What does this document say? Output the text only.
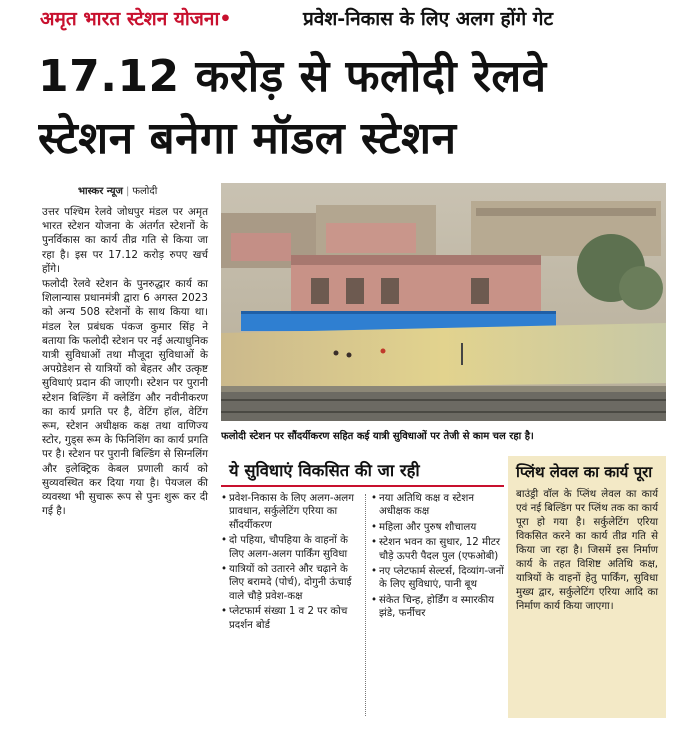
अमृत भारत स्टेशन योजना•	प्रवेश-निकास के लिए अलग होंगे गेट
17.12 करोड़ से फलोदी रेलवे
स्टेशन बनेगा मॉडल स्टेशन
भास्कर न्यूज | फलोदी

उत्तर पश्चिम रेलवे जोधपुर मंडल पर अमृत भारत स्टेशन योजना के अंतर्गत स्टेशनों के पुनर्विकास का कार्य तीव्र गति से किया जा रहा है। इस पर 17.12 करोड़ रुपए खर्च होंगे।

फलोदी रेलवे स्टेशन के पुनरुद्धार कार्य का शिलान्यास प्रधानमंत्री द्वारा 6 अगस्त 2023 को अन्य 508 स्टेशनों के साथ किया था। मंडल रेल प्रबंधक पंकज कुमार सिंह ने बताया कि फलोदी स्टेशन पर नई अत्याधुनिक यात्री सुविधाओं तथा मौजूदा सुविधाओं के अपग्रेडेशन से यात्रियों को बेहतर और उत्कृष्ट सुविधाएं प्रदान की जाएगी। स्टेशन पर पुरानी स्टेशन बिल्डिंग में क्लेडिंग और नवीनीकरण का कार्य प्रगति पर है, वेटिंग हॉल, वेटिंग रूम, स्टेशन अधीक्षक कक्ष तथा वाणिज्य स्टोर, गुड्स रूम के फिनिशिंग का कार्य प्रगति पर है। स्टेशन पर पुरानी बिल्डिंग से सिग्नलिंग और इलेक्ट्रिक केबल प्रणाली कार्य को सुव्यवस्थित कर दिया गया है। पेयजल की व्यवस्था भी सुचारू रूप से पुनः शुरू कर दी गई है।

फलोदी स्टेशन पर सौंदर्यीकरण सहित कई यात्री सुविधाओं पर तेजी से काम चल रहा है।
ये सुविधाएं विकसित की जा रही
• प्रवेश-निकास के लिए अलग-अलग प्रावधान, सर्कुलेटिंग एरिया का सौंदर्यीकरण
• दो पहिया, चौपहिया के वाहनों के लिए अलग-अलग पार्किंग सुविधा
• यात्रियों को उतारने और चढ़ाने के लिए बरामदे (पोर्च), दोगुनी ऊंचाई वाले चौड़े प्रवेश-कक्ष
• प्लेटफार्म संख्या 1 व 2 पर कोच प्रदर्शन बोर्ड
• नया अतिथि कक्ष व स्टेशन अधीक्षक कक्ष
• महिला और पुरुष शौचालय
• स्टेशन भवन का सुधार, 12 मीटर चौड़े ऊपरी पैदल पुल (एफओबी)
• नए प्लेटफार्म सेल्टर्स, दिव्यांग-जनों के लिए सुविधाएं, पानी बूथ
• संकेत चिन्ह, होर्डिंग व स्मारकीय झंडे, फर्नीचर
प्लिंथ लेवल का कार्य पूरा
बाउंड्री वॉल के प्लिंथ लेवल का कार्य एवं नई बिल्डिंग पर प्लिंथ तक का कार्य पूरा हो गया है। सर्कुलेटिंग एरिया विकसित करने का कार्य तीव्र गति से किया जा रहा है। जिसमें इस निर्माण कार्य के तहत विशिष्ट अतिथि कक्ष, यात्रियों के वाहनों हेतु पार्किंग, सुविधा मुख्य द्वार, सर्कुलेटिंग एरिया आदि का निर्माण कार्य किया जाएगा।
